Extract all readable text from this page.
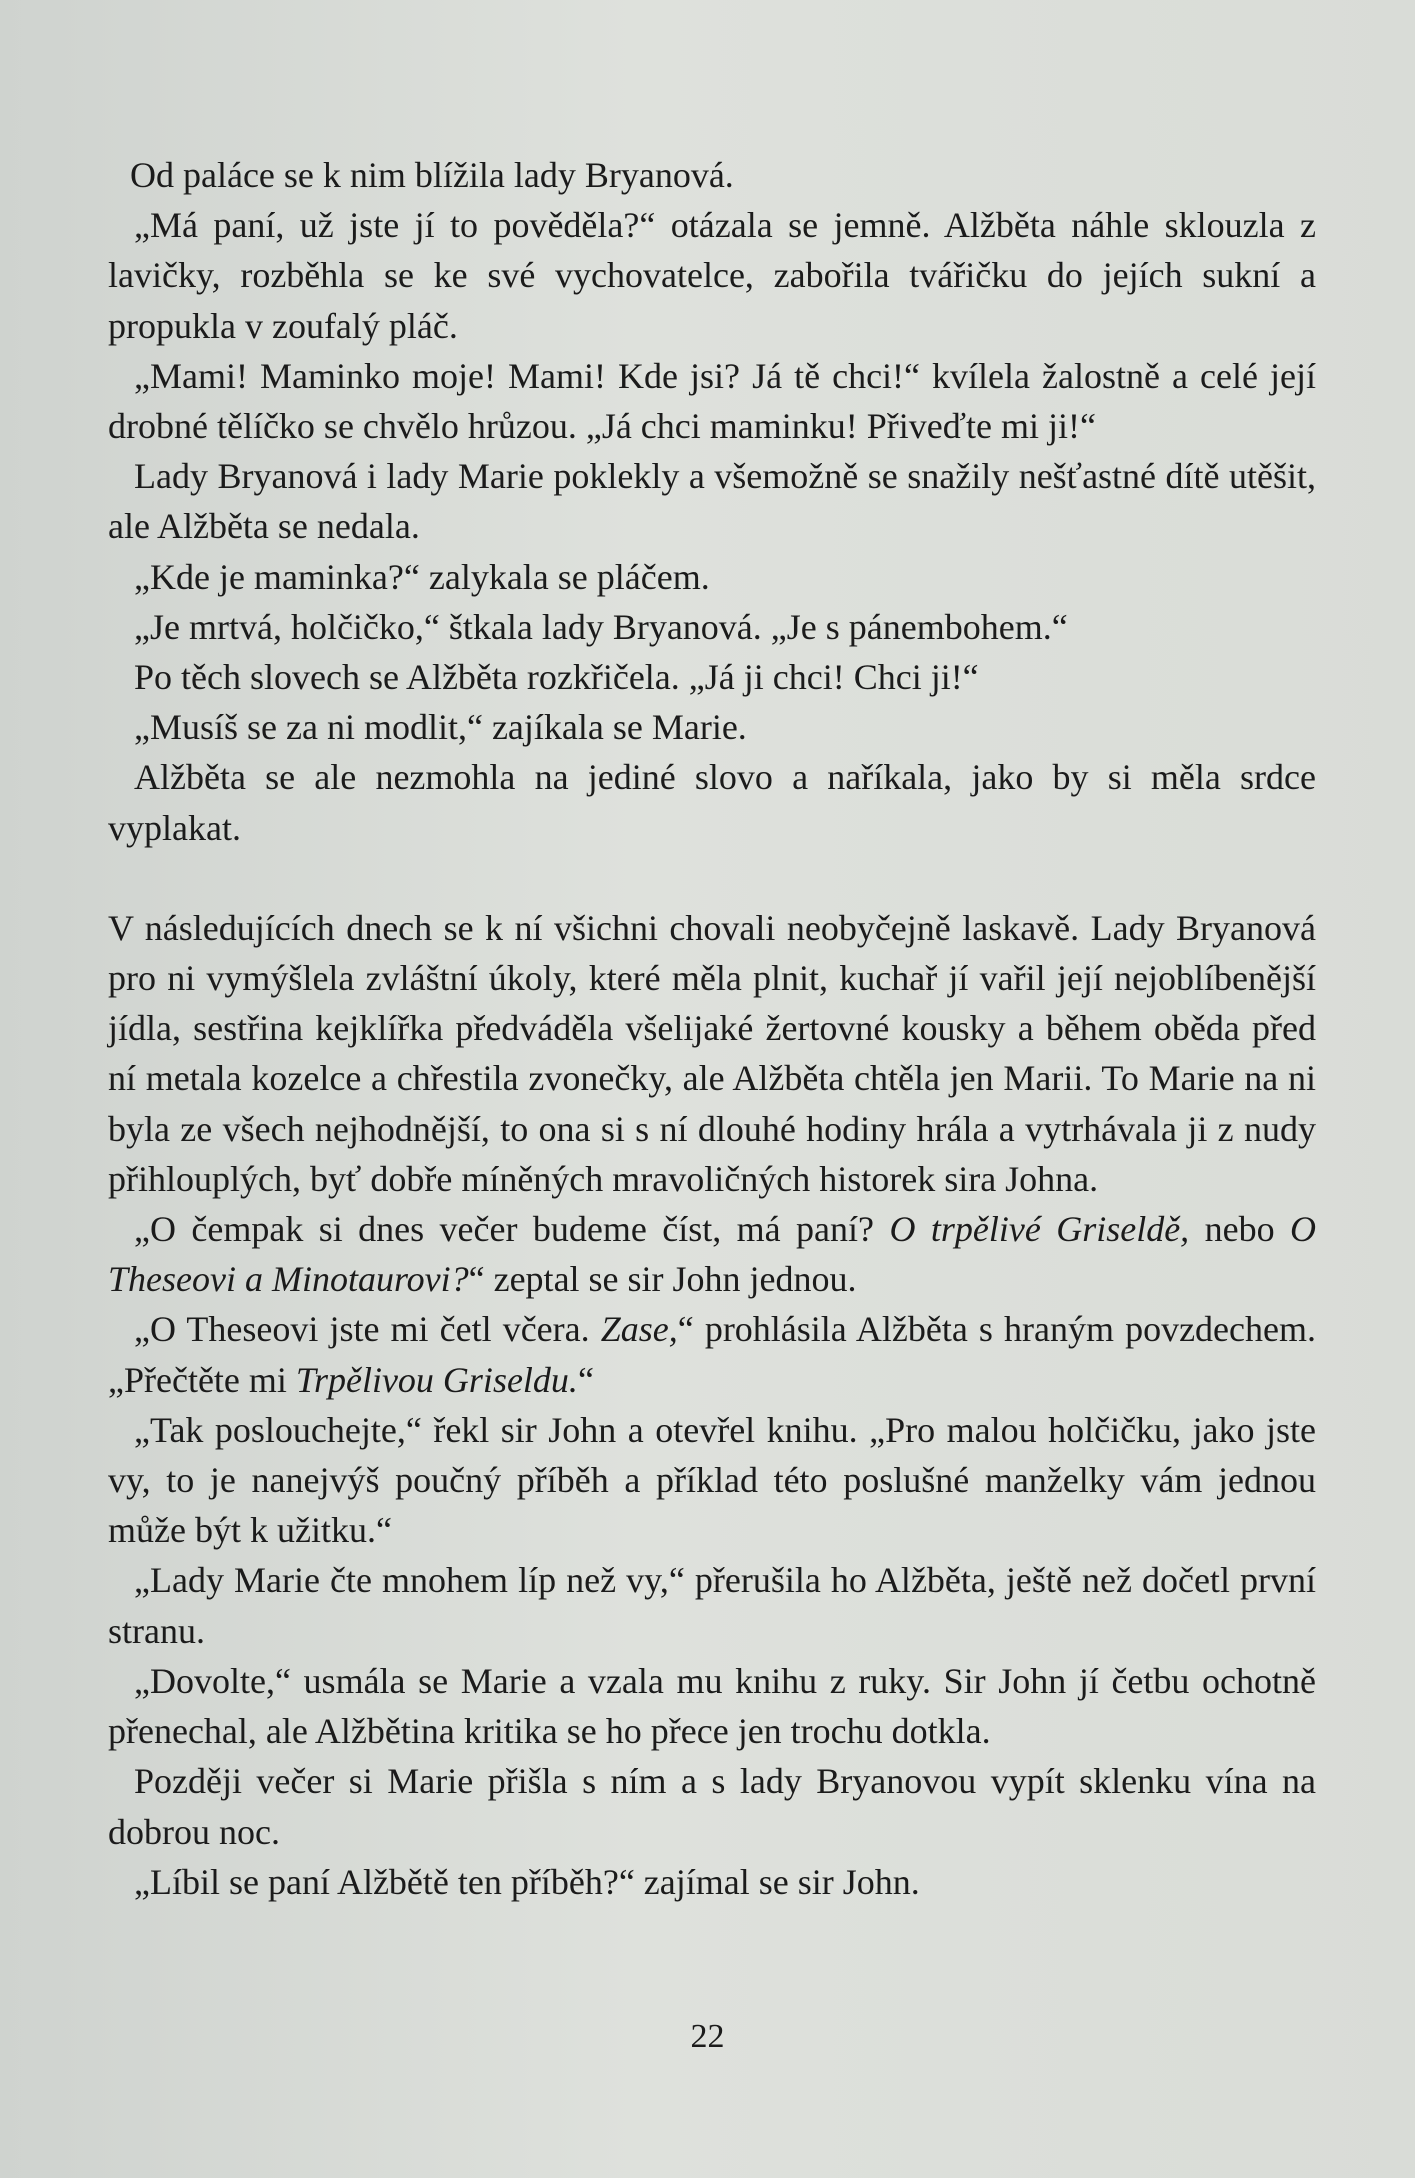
Od paláce se k nim blížila lady Bryanová.

„Má paní, už jste jí to pověděla?“ otázala se jemně. Alžběta náhle sklouzla z lavičky, rozběhla se ke své vychovatelce, zabořila tvářičku do jejích sukní a propukla v zoufalý pláč.

„Mami! Maminko moje! Mami! Kde jsi? Já tě chci!“ kvílela žalostně a celé její drobné tělíčko se chvělo hrůzou. „Já chci maminku! Přiveďte mi ji!“

Lady Bryanová i lady Marie poklekly a všemožně se snažily nešťastné dítě utěšit, ale Alžběta se nedala.

„Kde je maminka?“ zalykala se pláčem.

„Je mrtvá, holčičko,“ štkala lady Bryanová. „Je s pánembohem.“

Po těch slovech se Alžběta rozkřičela. „Já ji chci! Chci ji!“

„Musíš se za ni modlit,“ zajíkala se Marie.

Alžběta se ale nezmohla na jediné slovo a naříkala, jako by si měla srdce vyplakat.

V následujících dnech se k ní všichni chovali neobyčejně laskavě. Lady Bryanová pro ni vymýšlela zvláštní úkoly, které měla plnit, kuchař jí vařil její nejoblíbenější jídla, sestřina kejklířka předváděla všelijaké žertovné kousky a během oběda před ní metala kozelce a chřestila zvonečky, ale Alžběta chtěla jen Marii. To Marie na ni byla ze všech nejhodnější, to ona si s ní dlouhé hodiny hrála a vytrhávala ji z nudy přihlouplých, byť dobře míněných mravoličných historek sira Johna.

„O čempak si dnes večer budeme číst, má paní? O trpělivé Griseldě, nebo O Theseovi a Minotaurovi?“ zeptal se sir John jednou.

„O Theseovi jste mi četl včera. Zase,“ prohlásila Alžběta s hraným povzdechem. „Přečtěte mi Trpělivou Griseldu.“

„Tak poslouchejte,“ řekl sir John a otevřel knihu. „Pro malou holčičku, jako jste vy, to je nanejvýš poučný příběh a příklad této poslušné manželky vám jednou může být k užitku.“

„Lady Marie čte mnohem líp než vy,“ přerušila ho Alžběta, ještě než dočetl první stranu.

„Dovolte,“ usmála se Marie a vzala mu knihu z ruky. Sir John jí četbu ochotně přenechal, ale Alžbětina kritika se ho přece jen trochu dotkla.

Později večer si Marie přišla s ním a s lady Bryanovou vypít sklenku vína na dobrou noc.

„Líbil se paní Alžbětě ten příběh?“ zajímal se sir John.

22
